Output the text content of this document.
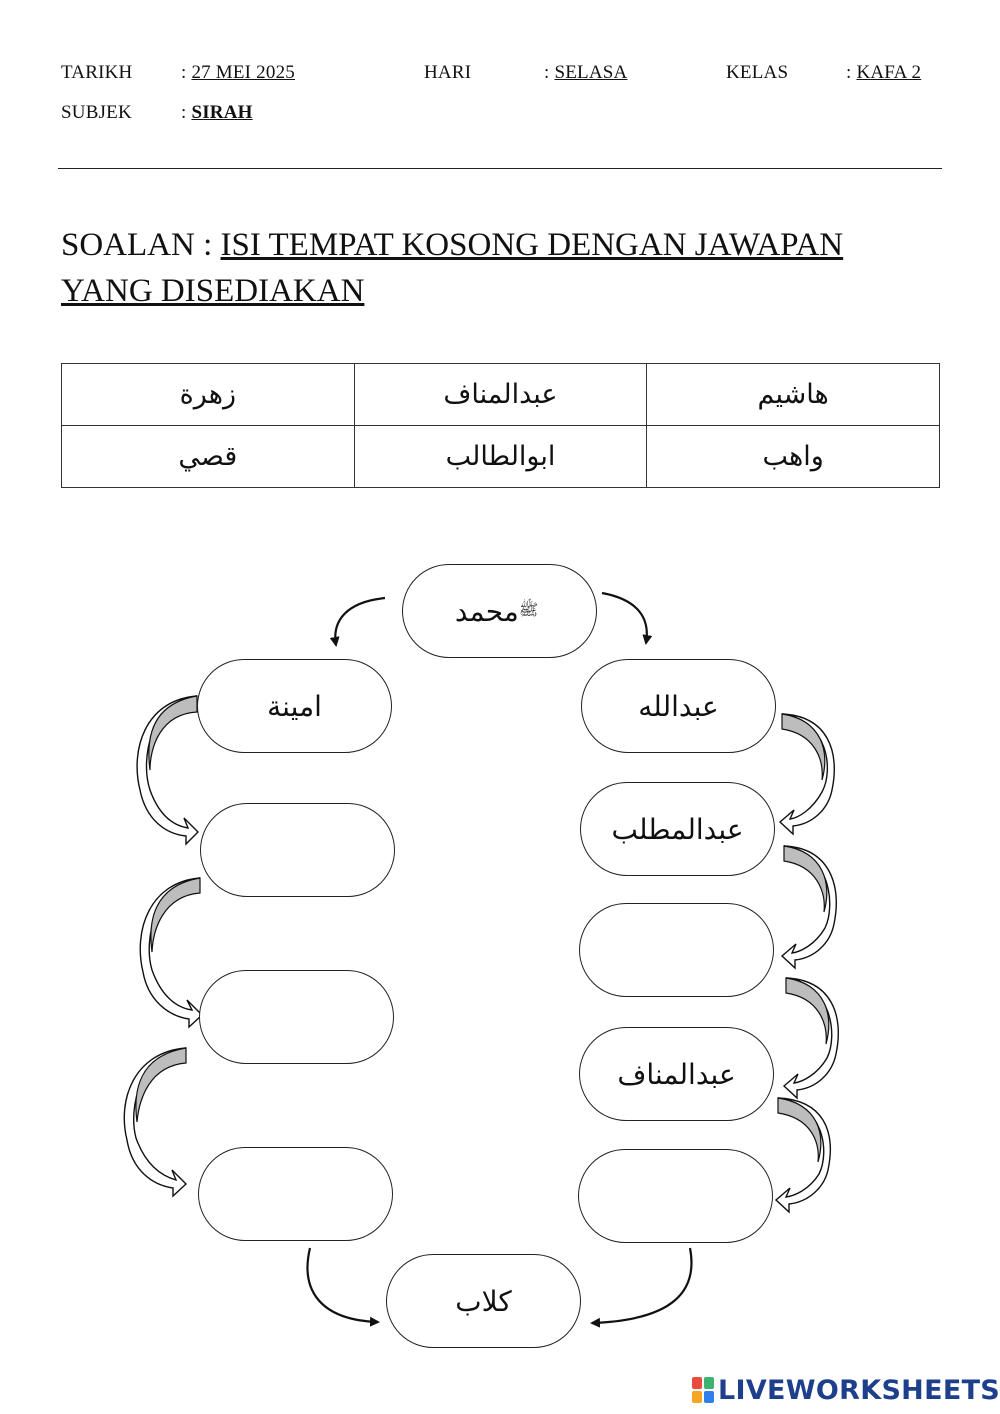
TARIKH	: 27 MEI 2025	HARI	: SELASA	KELAS	: KAFA 2
SUBJEK	: SIRAH
SOALAN : ISI TEMPAT KOSONG DENGAN JAWAPAN YANG DISEDIAKAN
زهرة	عبدالمناف	هاشيم
قصي	ابوالطالب	واهب
محمد ﷺ
امينة	عبدالله
عبدالمطلب
عبدالمناف
كلاب
LIVEWORKSHEETS
